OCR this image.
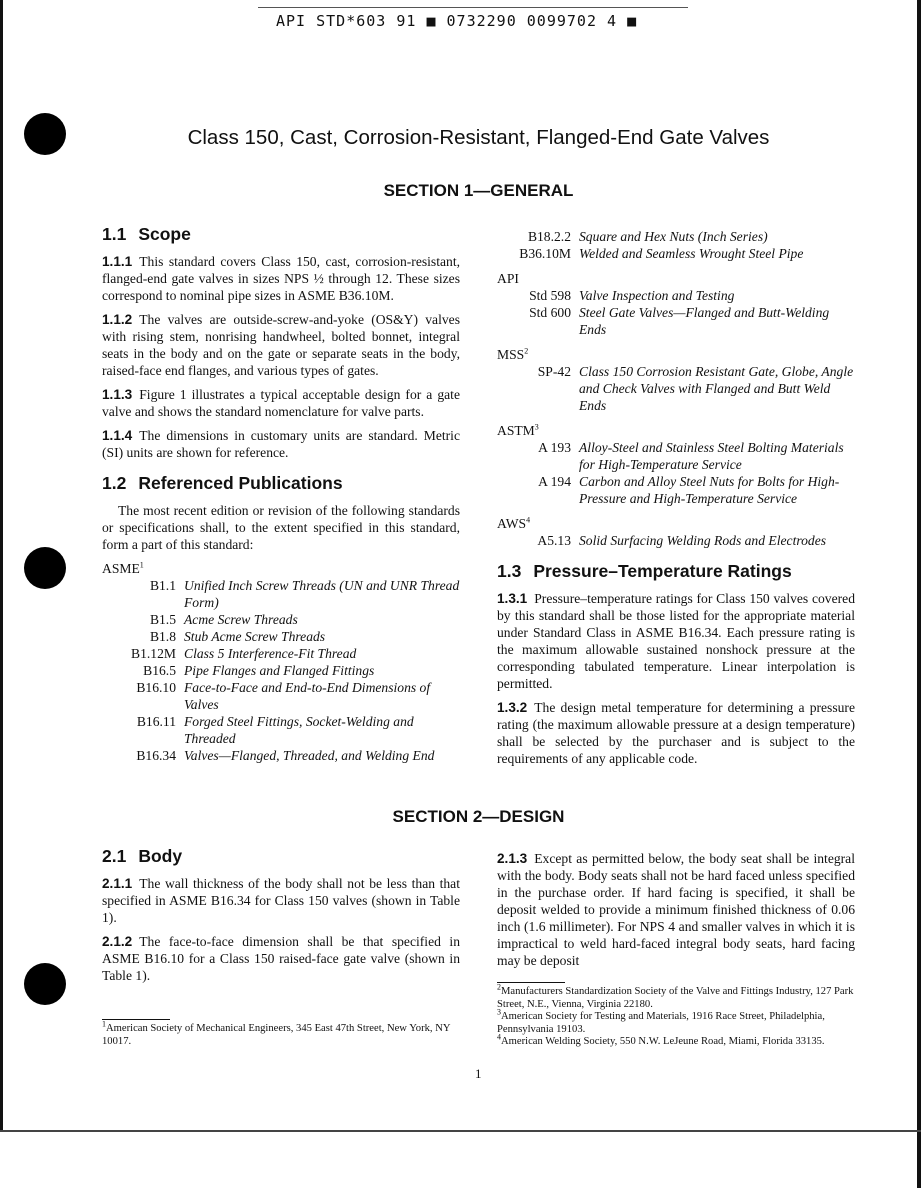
API STD*603 91 ■ 0732290 0099702 4 ■
Class 150, Cast, Corrosion-Resistant, Flanged-End Gate Valves
SECTION 1—GENERAL
1.1 Scope

1.1.1 This standard covers Class 150, cast, corrosion-resistant, flanged-end gate valves in sizes NPS ½ through 12. These sizes correspond to nominal pipe sizes in ASME B36.10M.

1.1.2 The valves are outside-screw-and-yoke (OS&Y) valves with rising stem, nonrising handwheel, bolted bonnet, integral seats in the body and on the gate or separate seats in the body, raised-face end flanges, and various types of gates.

1.1.3 Figure 1 illustrates a typical acceptable design for a gate valve and shows the standard nomenclature for valve parts.

1.1.4 The dimensions in customary units are standard. Metric (SI) units are shown for reference.

1.2 Referenced Publications

The most recent edition or revision of the following standards or specifications shall, to the extent specified in this standard, form a part of this standard:

ASME$^1$

B1.1 Unified Inch Screw Threads (UN and UNR Thread Form)
B1.5 Acme Screw Threads
B1.8 Stub Acme Screw Threads
B1.12M Class 5 Interference-Fit Thread
B16.5 Pipe Flanges and Flanged Fittings
B16.10 Face-to-Face and End-to-End Dimensions of Valves
B16.11 Forged Steel Fittings, Socket-Welding and Threaded
B16.34 Valves—Flanged, Threaded, and Welding End
B18.2.2 Square and Hex Nuts (Inch Series)
B36.10M Welded and Seamless Wrought Steel Pipe

API

Std 598 Valve Inspection and Testing
Std 600 Steel Gate Valves—Flanged and Butt-Welding Ends

MSS$^2$

SP-42 Class 150 Corrosion Resistant Gate, Globe, Angle and Check Valves with Flanged and Butt Weld Ends

ASTM$^3$

A 193 Alloy-Steel and Stainless Steel Bolting Materials for High-Temperature Service
A 194 Carbon and Alloy Steel Nuts for Bolts for High-Pressure and High-Temperature Service

AWS$^4$

A5.13 Solid Surfacing Welding Rods and Electrodes
1.3 Pressure–Temperature Ratings

1.3.1 Pressure–temperature ratings for Class 150 valves covered by this standard shall be those listed for the appropriate material under Standard Class in ASME B16.34. Each pressure rating is the maximum allowable sustained nonshock pressure at the corresponding tabulated temperature. Linear interpolation is permitted.

1.3.2 The design metal temperature for determining a pressure rating (the maximum allowable pressure at a design temperature) shall be selected by the purchaser and is subject to the requirements of any applicable code.

SECTION 2—DESIGN
2.1 Body

2.1.1 The wall thickness of the body shall not be less than that specified in ASME B16.34 for Class 150 valves (shown in Table 1).

2.1.2 The face-to-face dimension shall be that specified in ASME B16.10 for a Class 150 raised-face gate valve (shown in Table 1).

$^1$American Society of Mechanical Engineers, 345 East 47th Street, New York, NY 10017.

2.1.3 Except as permitted below, the body seat shall be integral with the body. Body seats shall not be hard faced unless specified in the purchase order. If hard facing is specified, it shall be deposit welded to provide a minimum finished thickness of 0.06 inch (1.6 millimeter). For NPS 4 and smaller valves in which it is impractical to weld hard-faced integral body seats, hard facing may be deposit

$^2$Manufacturers Standardization Society of the Valve and Fittings Industry, 127 Park Street, N.E., Vienna, Virginia 22180.

$^3$American Society for Testing and Materials, 1916 Race Street, Philadelphia, Pennsylvania 19103.

$^4$American Welding Society, 550 N.W. LeJeune Road, Miami, Florida 33135.

1
